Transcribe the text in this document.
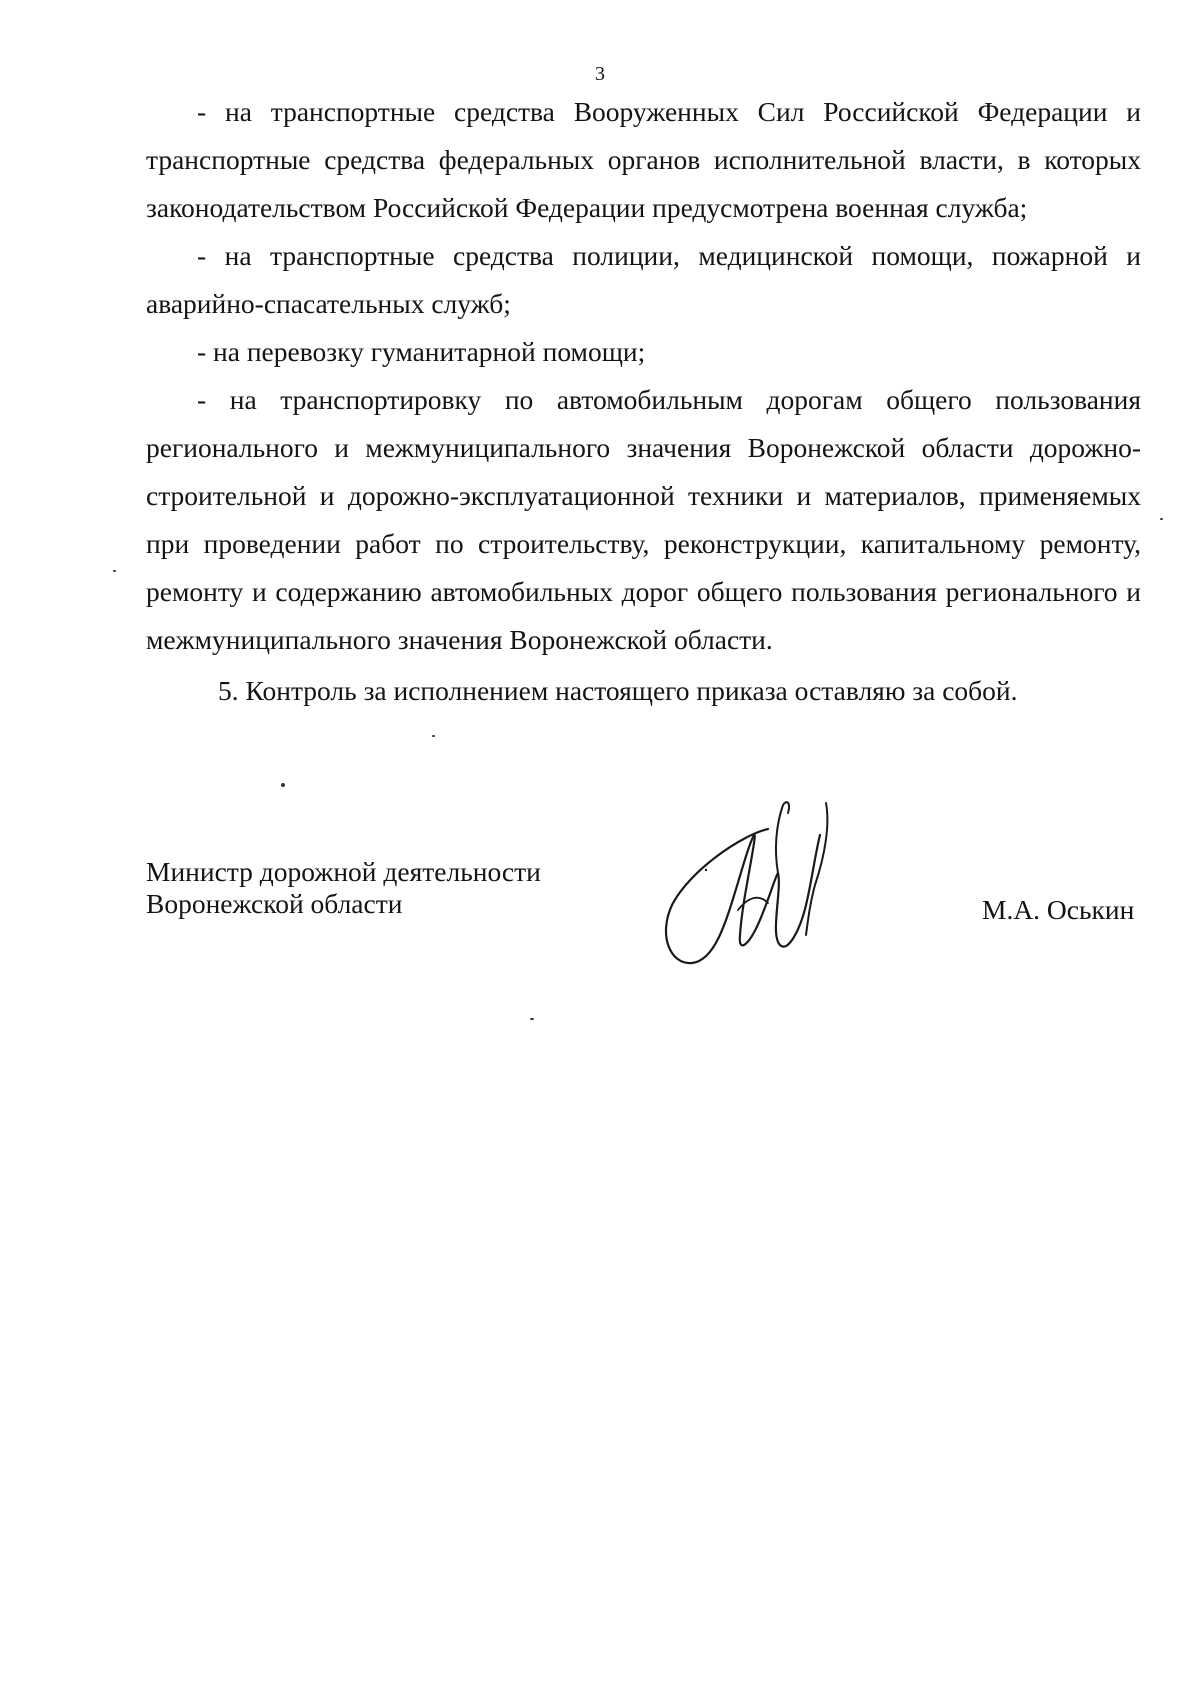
3

- на транспортные средства Вооруженных Сил Российской Федерации и транспортные средства федеральных органов исполнительной власти, в которых законодательством Российской Федерации предусмотрена военная служба;

- на транспортные средства полиции, медицинской помощи, пожарной и аварийно-спасательных служб;

- на перевозку гуманитарной помощи;

- на транспортировку по автомобильным дорогам общего пользования регионального и межмуниципального значения Воронежской области дорожно-строительной и дорожно-эксплуатационной техники и материалов, применяемых при проведении работ по строительству, реконструкции, капитальному ремонту, ремонту и содержанию автомобильных дорог общего пользования регионального и межмуниципального значения Воронежской области.

5. Контроль за исполнением настоящего приказа оставляю за собой.

Министр дорожной деятельности
Воронежской области	М.А. Оськин
